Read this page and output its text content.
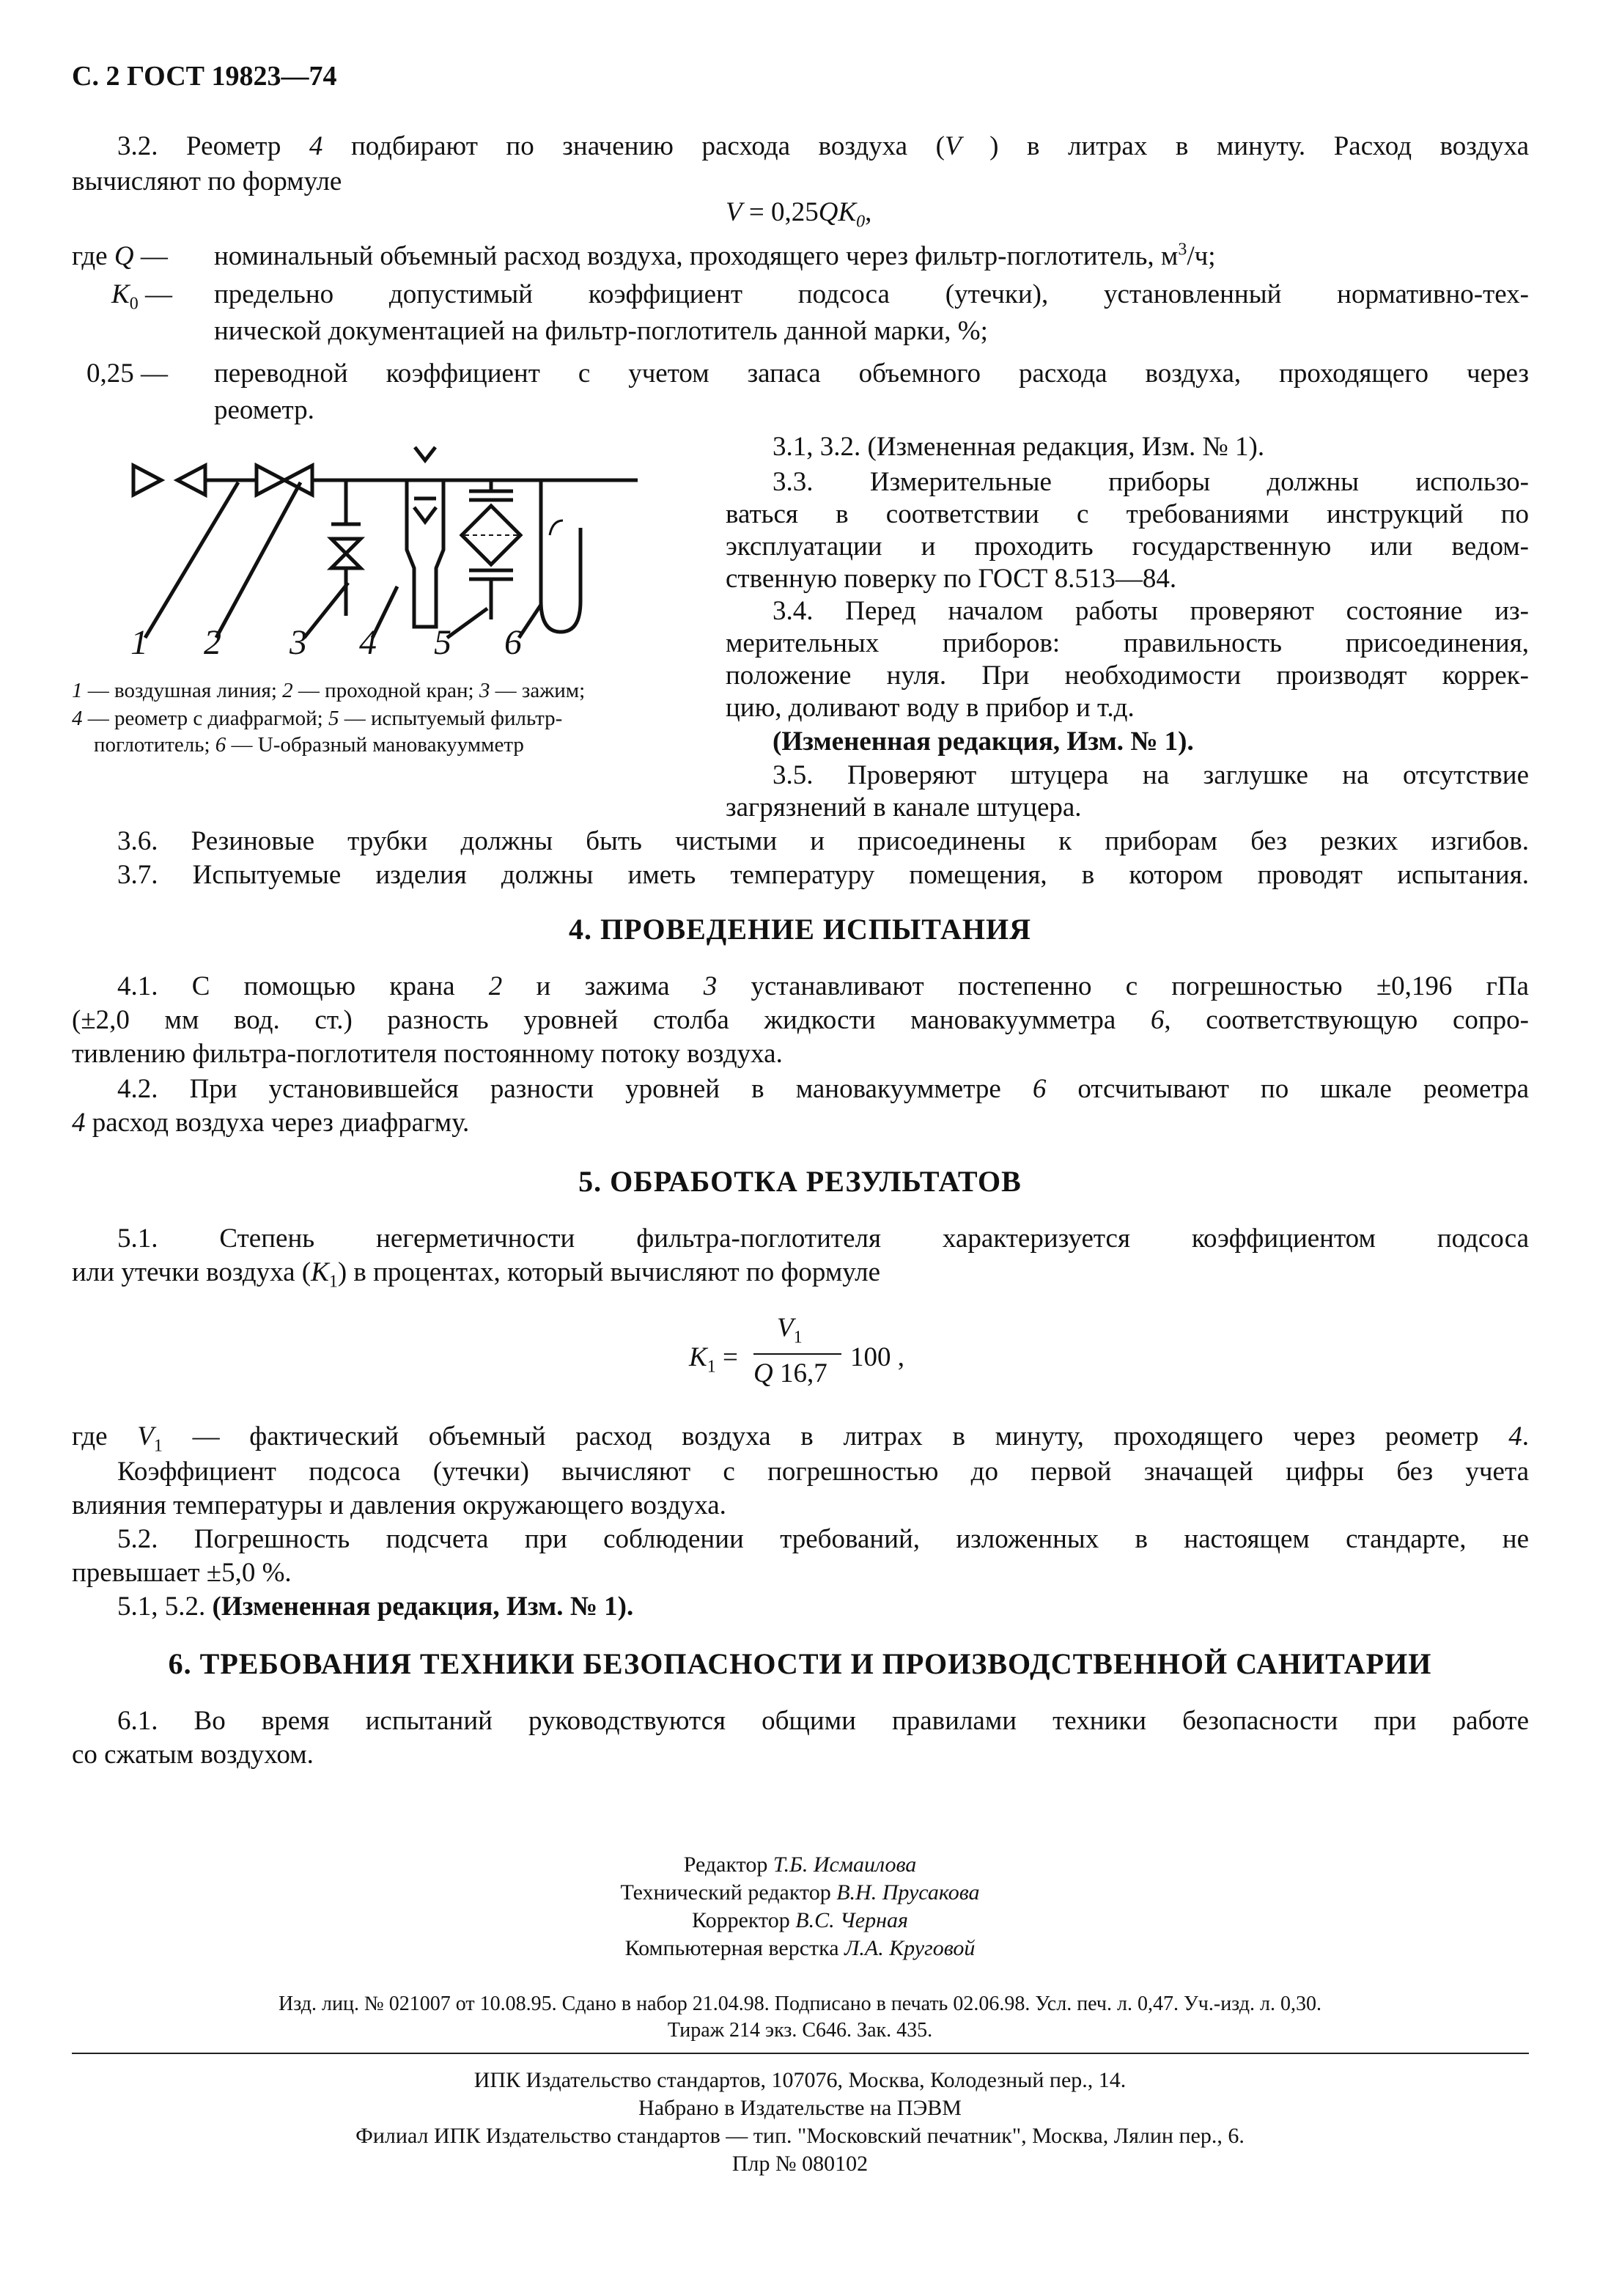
С. 2 ГОСТ 19823—74
3.2. Реометр 4 подбирают по значению расхода воздуха (V ) в литрах в минуту. Расход воздуха
вычисляют по формуле
$V = 0,25QK_0$,
где Q — номинальный объемный расход воздуха, проходящего через фильтр-поглотитель, $м^3/ч$;
$K_0$ — предельно допустимый коэффициент подсоса (утечки), установленный нормативно-тех-
нической документацией на фильтр-поглотитель данной марки, %;
0,25 — переводной коэффициент с учетом запаса объемного расхода воздуха, проходящего через
реометр.
1 2 3 4 5 6
1 — воздушная линия; 2 — проходной кран; 3 — зажим;
4 — реометр с диафрагмой; 5 — испытуемый фильтр-
поглотитель; 6 — U-образный мановакуумметр
3.1, 3.2. (Измененная редакция, Изм. № 1).
3.3. Измерительные приборы должны использо-
ваться в соответствии с требованиями инструкций по
эксплуатации и проходить государственную или ведом-
ственную поверку по ГОСТ 8.513—84.
3.4. Перед началом работы проверяют состояние из-
мерительных приборов: правильность присоединения,
положение нуля. При необходимости производят коррек-
цию, доливают воду в прибор и т.д.
(Измененная редакция, Изм. № 1).
3.5. Проверяют штуцера на заглушке на отсутствие
загрязнений в канале штуцера.
3.6. Резиновые трубки должны быть чистыми и присоединены к приборам без резких изгибов.
3.7. Испытуемые изделия должны иметь температуру помещения, в котором проводят испытания.
4. ПРОВЕДЕНИЕ ИСПЫТАНИЯ
4.1. С помощью крана 2 и зажима 3 устанавливают постепенно с погрешностью ±0,196 гПа
(±2,0 мм вод. ст.) разность уровней столба жидкости мановакуумметра 6, соответствующую сопро-
тивлению фильтра-поглотителя постоянному потоку воздуха.
4.2. При установившейся разности уровней в мановакуумметре 6 отсчитывают по шкале реометра
4 расход воздуха через диафрагму.
5. ОБРАБОТКА РЕЗУЛЬТАТОВ
5.1. Степень негерметичности фильтра-поглотителя характеризуется коэффициентом подсоса
или утечки воздуха $(K_1)$ в процентах, который вычисляют по формуле
$K_1$ =
$V_1$
Q 16,7
100 ,
где $V_1$ — фактический объемный расход воздуха в литрах в минуту, проходящего через реометр 4.
Коэффициент подсоса (утечки) вычисляют с погрешностью до первой значащей цифры без учета
влияния температуры и давления окружающего воздуха.
5.2. Погрешность подсчета при соблюдении требований, изложенных в настоящем стандарте, не
превышает ±5,0 %.
5.1, 5.2. (Измененная редакция, Изм. № 1).
6. ТРЕБОВАНИЯ ТЕХНИКИ БЕЗОПАСНОСТИ И ПРОИЗВОДСТВЕННОЙ САНИТАРИИ
6.1. Во время испытаний руководствуются общими правилами техники безопасности при работе
со сжатым воздухом.
Редактор Т.Б. Исмаилова
Технический редактор В.Н. Прусакова
Корректор В.С. Черная
Компьютерная верстка Л.А. Круговой
Изд. лиц. № 021007 от 10.08.95. Сдано в набор 21.04.98. Подписано в печать 02.06.98. Усл. печ. л. 0,47. Уч.-изд. л. 0,30.
Тираж 214 экз. С646. Зак. 435.
ИПК Издательство стандартов, 107076, Москва, Колодезный пер., 14.
Набрано в Издательстве на ПЭВМ
Филиал ИПК Издательство стандартов — тип. "Московский печатник", Москва, Лялин пер., 6.
Плр № 080102
